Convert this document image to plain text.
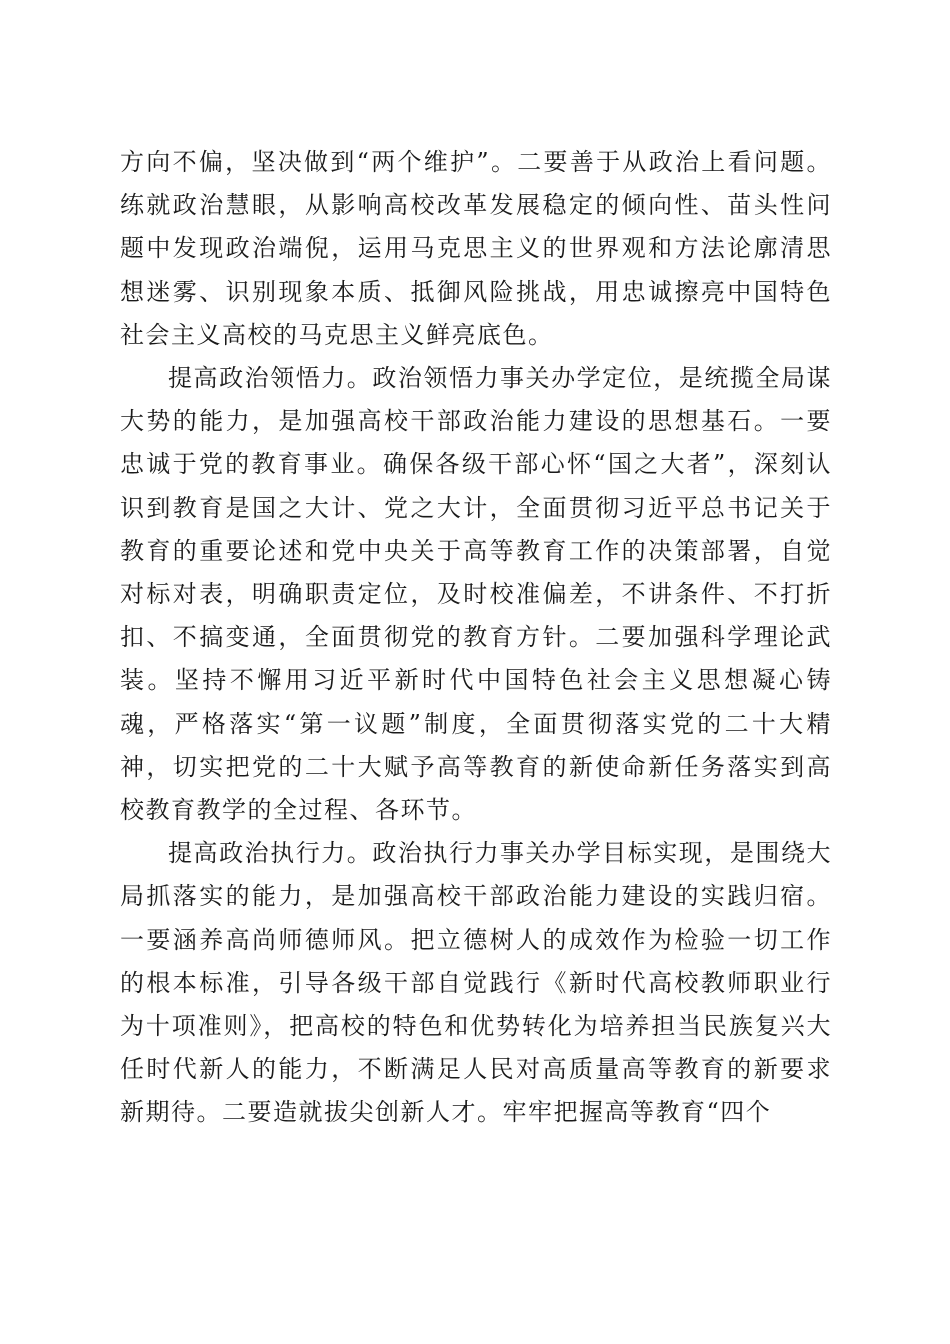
方向不偏，坚决做到“两个维护”。二要善于从政治上看问题。练就政治慧眼，从影响高校改革发展稳定的倾向性、苗头性问题中发现政治端倪，运用马克思主义的世界观和方法论廓清思想迷雾、识别现象本质、抵御风险挑战，用忠诚擦亮中国特色社会主义高校的马克思主义鲜亮底色。

提高政治领悟力。政治领悟力事关办学定位，是统揽全局谋大势的能力，是加强高校干部政治能力建设的思想基石。一要忠诚于党的教育事业。确保各级干部心怀“国之大者”，深刻认识到教育是国之大计、党之大计，全面贯彻习近平总书记关于教育的重要论述和党中央关于高等教育工作的决策部署，自觉对标对表，明确职责定位，及时校准偏差，不讲条件、不打折扣、不搞变通，全面贯彻党的教育方针。二要加强科学理论武装。坚持不懈用习近平新时代中国特色社会主义思想凝心铸魂，严格落实“第一议题”制度，全面贯彻落实党的二十大精神，切实把党的二十大赋予高等教育的新使命新任务落实到高校教育教学的全过程、各环节。

提高政治执行力。政治执行力事关办学目标实现，是围绕大局抓落实的能力，是加强高校干部政治能力建设的实践归宿。一要涵养高尚师德师风。把立德树人的成效作为检验一切工作的根本标准，引导各级干部自觉践行《新时代高校教师职业行为十项准则》，把高校的特色和优势转化为培养担当民族复兴大任时代新人的能力，不断满足人民对高质量高等教育的新要求新期待。二要造就拔尖创新人才。牢牢把握高等教育“四个
